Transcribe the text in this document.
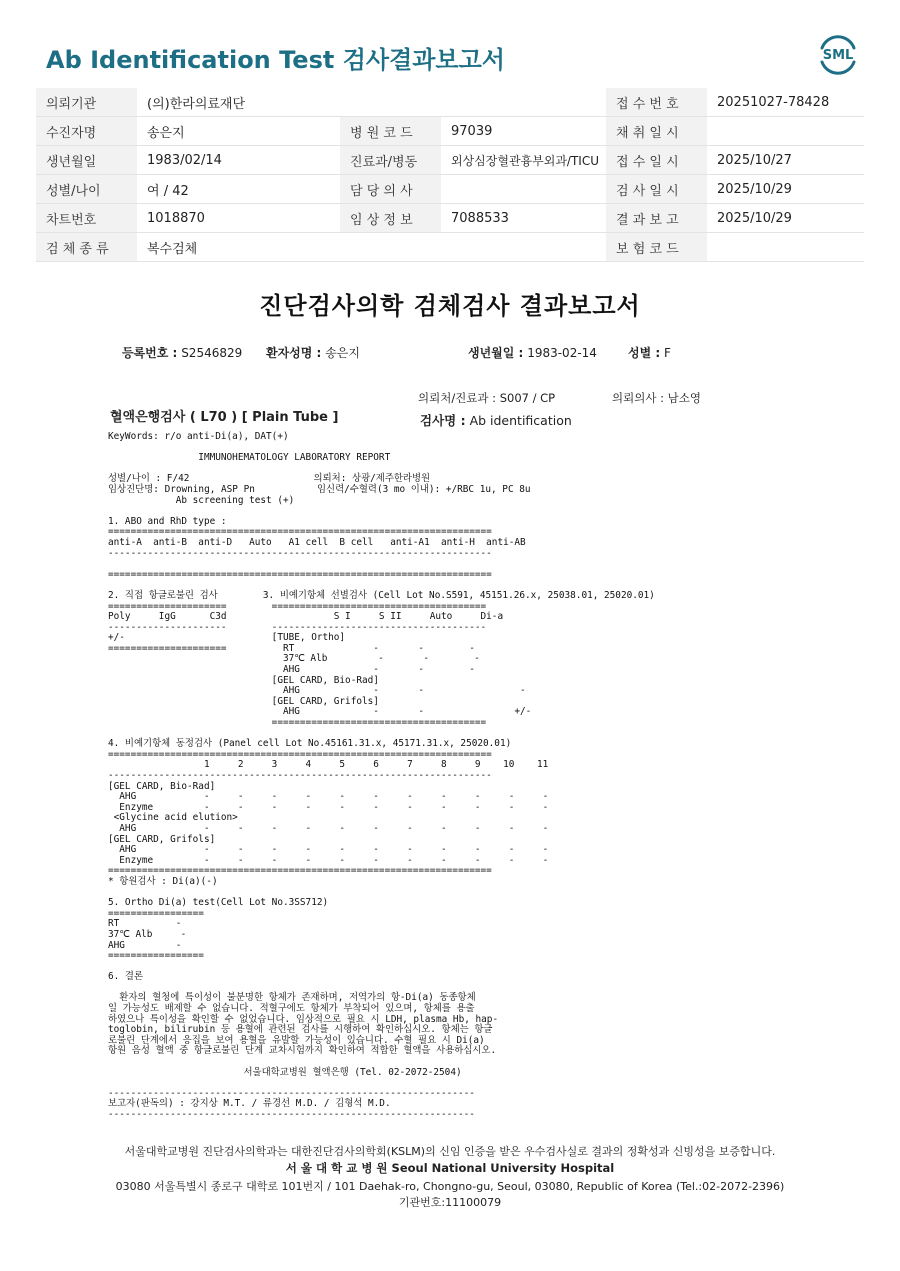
Ab Identification Test 검사결과보고서	SML
의뢰기관	(의)한라의료재단			접 수 번 호	20251027-78428
수진자명	송은지	병 원 코 드	97039	채 취 일 시	
생년월일	1983/02/14	진료과/병동	외상심장혈관흉부외과/TICU	접 수 일 시	2025/10/27
성별/나이	여 / 42	담 당 의 사		검 사 일 시	2025/10/29
차트번호	1018870	임 상 정 보	7088533	결 과 보 고	2025/10/29
검 체 종 류	복수검체			보 험 코 드	
진단검사의학 검체검사 결과보고서
등록번호 : S2546829 환자성명 : 송은지	생년월일 : 1983-02-14	성별 : F
의뢰처/진료과 : S007 / CP	의뢰의사 : 남소영
혈액은행검사 ( L70 ) [ Plain Tube ]	검사명 : Ab identification
KeyWords: r/o anti-Di(a), DAT(+)

IMMUNOHEMATOLOGY LABORATORY REPORT

성별/나이 : F/42                      의뢰처: 상광/제주한라병원
임상진단명: Drowning, ASP Pn           임신력/수혈력(3 mo 이내): +/RBC 1u, PC 8u
Ab screening test (+)

1. ABO and RhD type :
====================================================================
anti-A  anti-B  anti-D   Auto   A1 cell  B cell   anti-A1  anti-H  anti-AB
--------------------------------------------------------------------

====================================================================

2. 직접 항글로불린 검사        3. 비예기항체 선별검사 (Cell Lot No.S591, 45151.26.x, 25038.01, 25020.01)
=====================        ======================================
Poly     IgG      C3d                   S I     S II     Auto     Di-a
---------------------        --------------------------------------
+/-                          [TUBE, Ortho]
=====================          RT              -       -        -
37℃ Alb         -       -        -
AHG             -       -        -
[GEL CARD, Bio-Rad]
AHG             -       -                 -
[GEL CARD, Grifols]
AHG             -       -                +/-
======================================

4. 비예기항체 동정검사 (Panel cell Lot No.45161.31.x, 45171.31.x, 25020.01)
====================================================================
1     2     3     4     5     6     7     8     9    10    11
--------------------------------------------------------------------
[GEL CARD, Bio-Rad]
AHG            -     -     -     -     -     -     -     -     -     -     -
Enzyme         -     -     -     -     -     -     -     -     -     -     -
<Glycine acid elution>
AHG            -     -     -     -     -     -     -     -     -     -     -
[GEL CARD, Grifols]
AHG            -     -     -     -     -     -     -     -     -     -     -
Enzyme         -     -     -     -     -     -     -     -     -     -     -
====================================================================
* 항원검사 : Di(a)(-)

5. Ortho Di(a) test(Cell Lot No.3SS712)
=================
RT          -
37℃ Alb     -
AHG         -
=================

6. 결론

환자의 혈청에 특이성이 불분명한 항체가 존재하며, 저역가의 항-Di(a) 동종항체
일 가능성도 배제할 수 없습니다. 적혈구에도 항체가 부착되어 있으며, 항체를 용출
하였으나 특이성을 확인할 수 없었습니다. 임상적으로 필요 시 LDH, plasma Hb, hap-
toglobin, bilirubin 등 용혈에 관련된 검사를 시행하여 확인하십시오. 항체는 항글
로불린 단계에서 응집을 보여 용혈을 유발할 가능성이 있습니다. 수혈 필요 시 Di(a)
항원 음성 혈액 중 항글로불린 단계 교차시험까지 확인하여 적합한 혈액을 사용하십시오.

서울대학교병원 혈액은행 (Tel. 02-2072-2504)

-----------------------------------------------------------------
보고자(판독의) : 강지상 M.T. / 류경선 M.D. / 김형석 M.D.
-----------------------------------------------------------------
서울대학교병원 진단검사의학과는 대한진단검사의학회(KSLM)의 신임 인증을 받은 우수검사실로 결과의 정확성과 신빙성을 보증합니다.
서 울 대 학 교 병 원 Seoul National University Hospital
03080 서울특별시 종로구 대학로 101번지 / 101 Daehak-ro, Chongno-gu, Seoul, 03080, Republic of Korea (Tel.:02-2072-2396)
기관번호:11100079
